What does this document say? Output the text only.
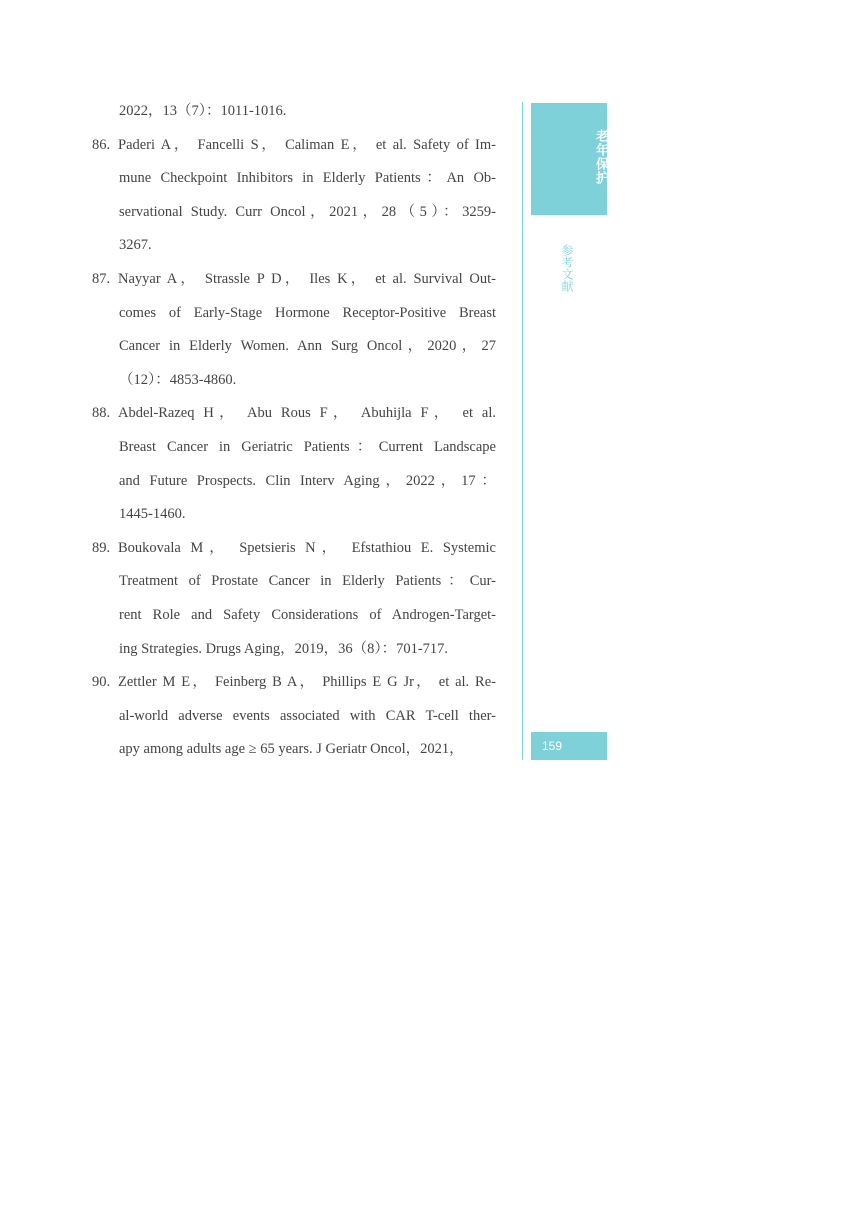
2022，13（7）：1011-1016.
86. Paderi A， Fancelli S， Caliman E， et al. Safety of Im-
mune Checkpoint Inhibitors in Elderly Patients：An Ob-
servational Study. Curr Oncol，2021，28（5）：3259-
3267.
87. Nayyar A， Strassle P D， Iles K， et al. Survival Out-
comes of Early-Stage Hormone Receptor-Positive Breast
Cancer in Elderly Women. Ann Surg Oncol，2020，27
（12）：4853-4860.
88. Abdel-Razeq H， Abu Rous F， Abuhijla F， et al.
Breast Cancer in Geriatric Patients：Current Landscape
and Future Prospects. Clin Interv Aging，2022，17：
1445-1460.
89. Boukovala M， Spetsieris N， Efstathiou E. Systemic
Treatment of Prostate Cancer in Elderly Patients：Cur-
rent Role and Safety Considerations of Androgen-Target-
ing Strategies. Drugs Aging，2019，36（8）：701-717.
90. Zettler M E， Feinberg B A， Phillips E G Jr， et al. Re-
al-world adverse events associated with CAR T-cell ther-
apy among adults age ≥ 65 years. J Geriatr Oncol，2021，
老年保护
参考文献
159
